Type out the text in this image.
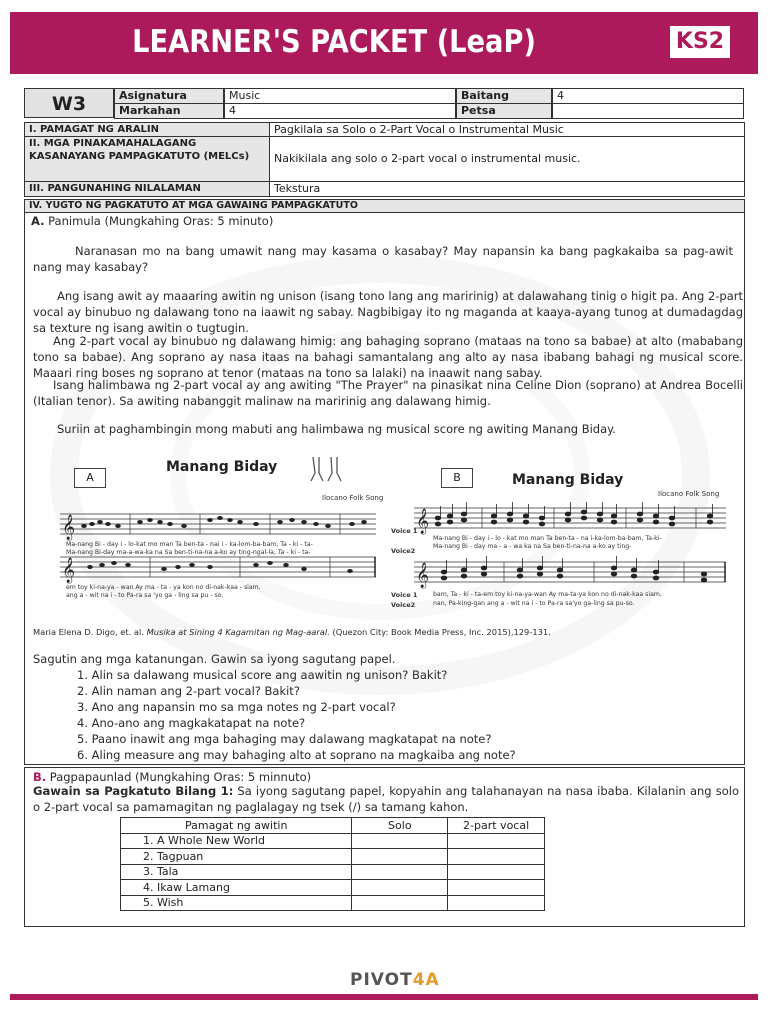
LEARNER'S PACKET (LeaP)	KS2
W3	Asignatura	Music	Baitang	4
Markahan	4	Petsa
I. PAMAGAT NG ARALIN	Pagkilala sa Solo o 2-Part Vocal o Instrumental Music
II. MGA PINAKAMAHALAGANG KASANAYANG PAMPAGKATUTO (MELCs)	Nakikilala ang solo o 2-part vocal o instrumental music.
III. PANGUNAHING NILALAMAN	Tekstura
IV. YUGTO NG PAGKATUTO AT MGA GAWAING PAMPAGKATUTO
A. Panimula (Mungkahing Oras: 5 minuto)
Naranasan mo na bang umawit nang may kasama o kasabay? May napansin ka bang pagkakaiba sa pag-awit nang may kasabay?
Ang isang awit ay maaaring awitin ng unison (isang tono lang ang maririnig) at dalawahang tinig o higit pa. Ang 2-part vocal ay binubuo ng dalawang tono na iaawit ng sabay. Nagbibigay ito ng maganda at kaaya-ayang tunog at dumadagdag sa texture ng isang awitin o tugtugin.
Ang 2-part vocal ay binubuo ng dalawang himig: ang bahaging soprano (mataas na tono sa babae) at alto (mababang tono sa babae). Ang soprano ay nasa itaas na bahagi samantalang ang alto ay nasa ibabang bahagi ng musical score. Maaari ring boses ng soprano at tenor (mataas na tono sa lalaki) na inaawit nang sabay.
Isang halimbawa ng 2-part vocal ay ang awiting "The Prayer" na pinasikat nina Celine Dion (soprano) at Andrea Bocelli (Italian tenor). Sa awiting nabanggit malinaw na maririnig ang dalawang himig.
Suriin at paghambingin mong mabuti ang halimbawa ng musical score ng awiting Manang Biday.
A
Manang Biday
Ilocano Folk Song
𝄞
Ma-nang Bi - day i - lo-kat mo man Ta ben-ta - nai i - ka-lom-ba-bam, Ta - ki - ta-
Ma-nang Bi-day ma-a-wa-ka na Sa ben-ti-na-na a-ko ay ting-ngal-la, Ta - ki - ta-
𝄞
em toy ki-na-ya - wan Ay ma - ta - ya kon no di-nak-kaa - siam,
ang a - wit na i - to Pa-ra sa 'yo ga - ling sa pu - so.
B	Manang Biday
Ilocano Folk Song
Voice 1
Voice2
𝄞
Ma-nang Bi - day i - lo - kat mo man Ta ben-ta - na i-ka-lom-ba-bam, Ta-ki-
Ma-nang Bi - day ma - a - wa ka na Sa ben-ti-na-na a-ko ay ting-
Voice 1
Voice2
𝄞
bam, Ta - ki - ta-em toy ki-na-ya-wan Ay ma-ta-ya kon no di-nak-kaa siam,
nan, Pa-king-gan ang a - wit na i - to Pa-ra sa'yo ga-ling sa pu-so.
Maria Elena D. Digo, et. al. Musika at Sining 4 Kagamitan ng Mag-aaral. (Quezon City: Book Media Press, Inc. 2015),129-131.
Sagutin ang mga katanungan. Gawin sa iyong sagutang papel.
1. Alin sa dalawang musical score ang aawitin ng unison? Bakit?
2. Alin naman ang 2-part vocal? Bakit?
3. Ano ang napansin mo sa mga notes ng 2-part vocal?
4. Ano-ano ang magkakatapat na note?
5. Paano inawit ang mga bahaging may dalawang magkatapat na note?
6. Aling measure ang may bahaging alto at soprano na magkaiba ang note?
B. Pagpapaunlad (Mungkahing Oras: 5 minnuto)
Gawain sa Pagkatuto Bilang 1: Sa iyong sagutang papel, kopyahin ang talahanayan na nasa ibaba. Kilalanin ang solo o 2-part vocal sa pamamagitan ng paglalagay ng tsek (/) sa tamang kahon.
Pamagat ng awitin	Solo	2-part vocal
1. A Whole New World		
2. Tagpuan		
3. Tala		
4. Ikaw Lamang		
5. Wish		
PIVOT4A
